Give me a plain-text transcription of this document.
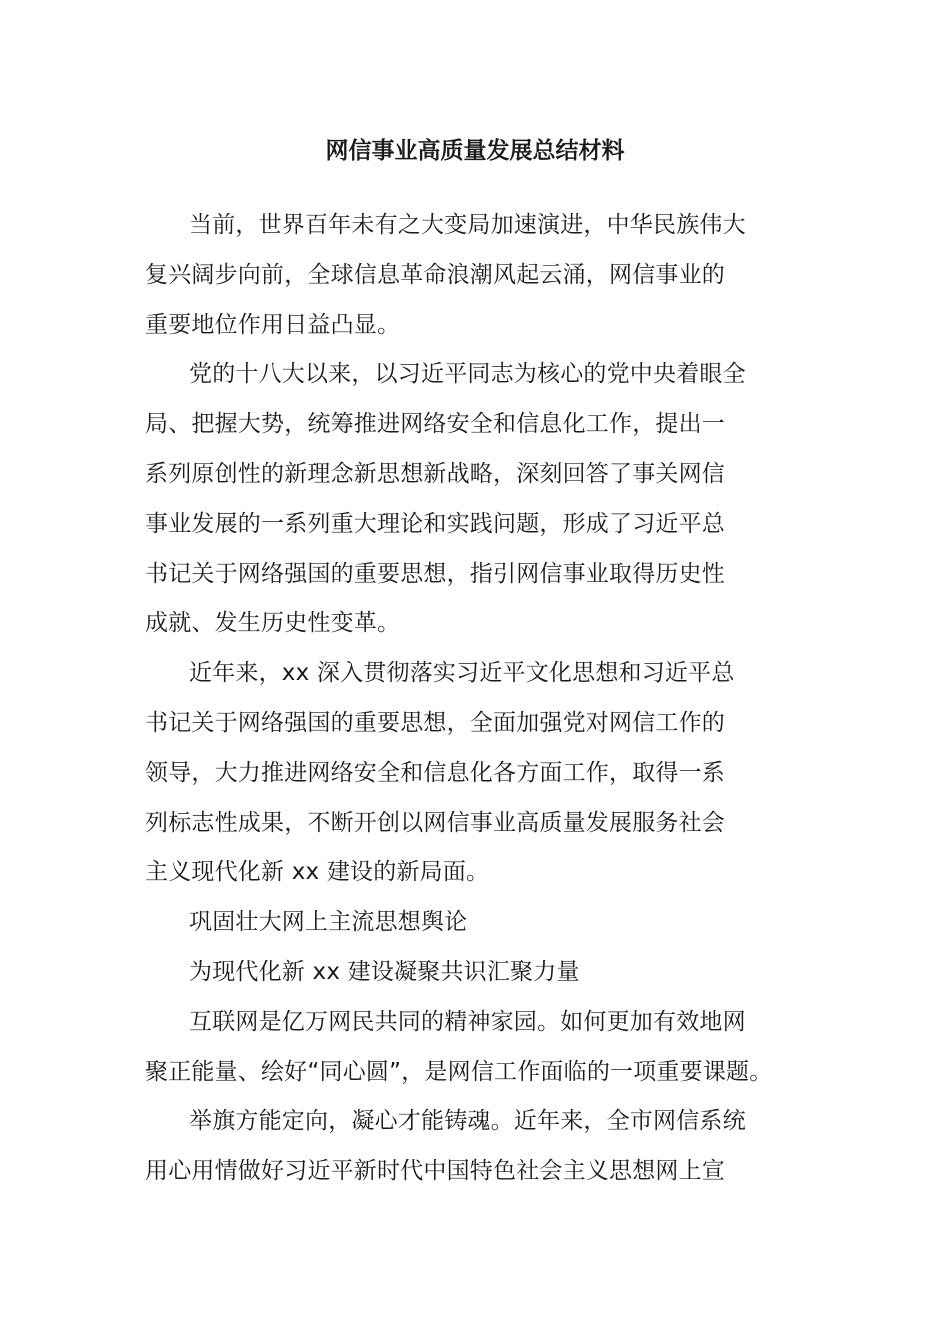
网信事业高质量发展总结材料

当前，世界百年未有之大变局加速演进，中华民族伟大
复兴阔步向前，全球信息革命浪潮风起云涌，网信事业的
重要地位作用日益凸显。

党的十八大以来，以习近平同志为核心的党中央着眼全
局、把握大势，统筹推进网络安全和信息化工作，提出一
系列原创性的新理念新思想新战略，深刻回答了事关网信
事业发展的一系列重大理论和实践问题，形成了习近平总
书记关于网络强国的重要思想，指引网信事业取得历史性
成就、发生历史性变革。

近年来，xx 深入贯彻落实习近平文化思想和习近平总
书记关于网络强国的重要思想，全面加强党对网信工作的
领导，大力推进网络安全和信息化各方面工作，取得一系
列标志性成果，不断开创以网信事业高质量发展服务社会
主义现代化新 xx 建设的新局面。

巩固壮大网上主流思想舆论

为现代化新 xx 建设凝聚共识汇聚力量

互联网是亿万网民共同的精神家园。如何更加有效地网
聚正能量、绘好“同心圆”，是网信工作面临的一项重要课题。

举旗方能定向，凝心才能铸魂。近年来，全市网信系统
用心用情做好习近平新时代中国特色社会主义思想网上宣
